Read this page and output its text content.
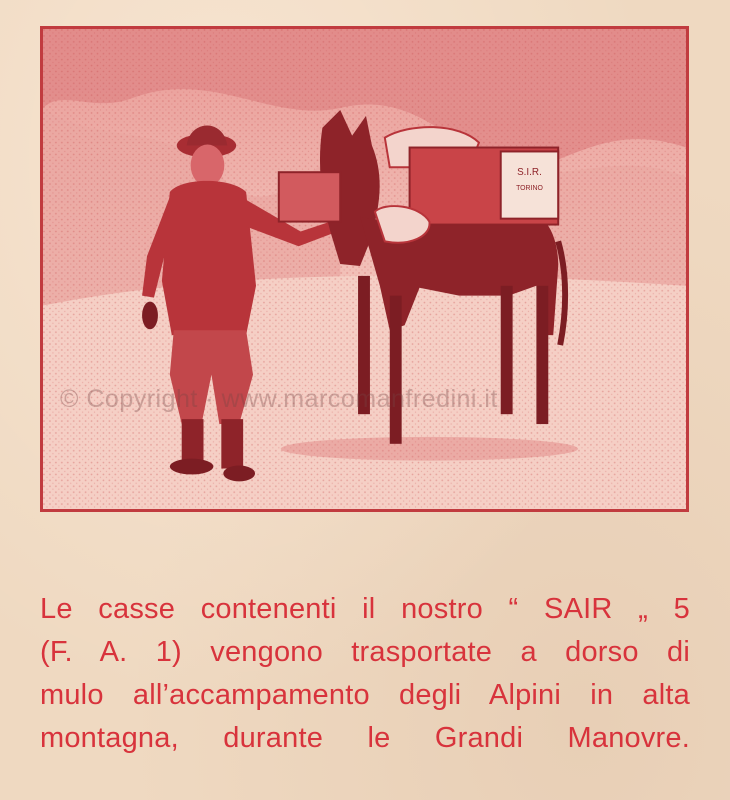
S.I.R.
TORINO
© Copyright · www.marcomanfredini.it
Le casse contenenti il nostro “ SAIR „ 5
(F. A. 1) vengono trasportate a dorso di
mulo all’accampamento degli Alpini in alta
montagna, durante le Grandi Manovre.
